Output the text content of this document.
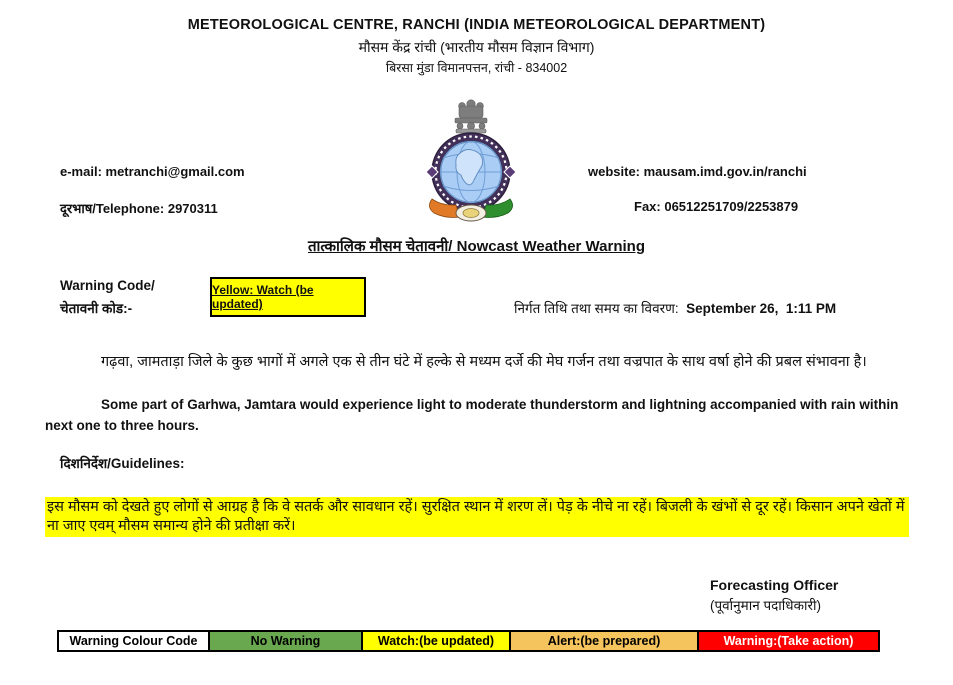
METEOROLOGICAL CENTRE, RANCHI (INDIA METEOROLOGICAL DEPARTMENT)
मौसम केंद्र रांची (भारतीय मौसम विज्ञान विभाग)
बिरसा मुंडा विमानपत्तन, रांची - 834002
e-mail: metranchi@gmail.com	website: mausam.imd.gov.in/ranchi
दूरभाष/Telephone: 2970311	Fax: 06512251709/2253879
तात्कालिक मौसम चेतावनी/ Nowcast Weather Warning
Warning Code/
चेतावनी कोड:-
Yellow: Watch (be updated)	निर्गत तिथि तथा समय का विवरण:  September 26,  1:11 PM
गढ़वा, जामताड़ा जिले के कुछ भागों में अगले एक से तीन घंटे में हल्के से मध्यम दर्जे की मेघ गर्जन तथा वज्रपात के साथ वर्षा होने की प्रबल संभावना है।
Some part of Garhwa, Jamtara would experience light to moderate thunderstorm and lightning accompanied with rain within next one to three hours.
दिशनिर्देश/Guidelines:
इस मौसम को देखते हुए लोगों से आग्रह है कि वे सतर्क और सावधान रहें। सुरक्षित स्थान में शरण लें। पेड़ के नीचे ना रहें। बिजली के खंभों से दूर रहें। किसान अपने खेतों में ना जाए एवम् मौसम समान्य होने की प्रतीक्षा करें।
Forecasting Officer
(पूर्वानुमान पदाधिकारी)
Warning Colour Code	No Warning	Watch:(be updated)	Alert:(be prepared)	Warning:(Take action)
